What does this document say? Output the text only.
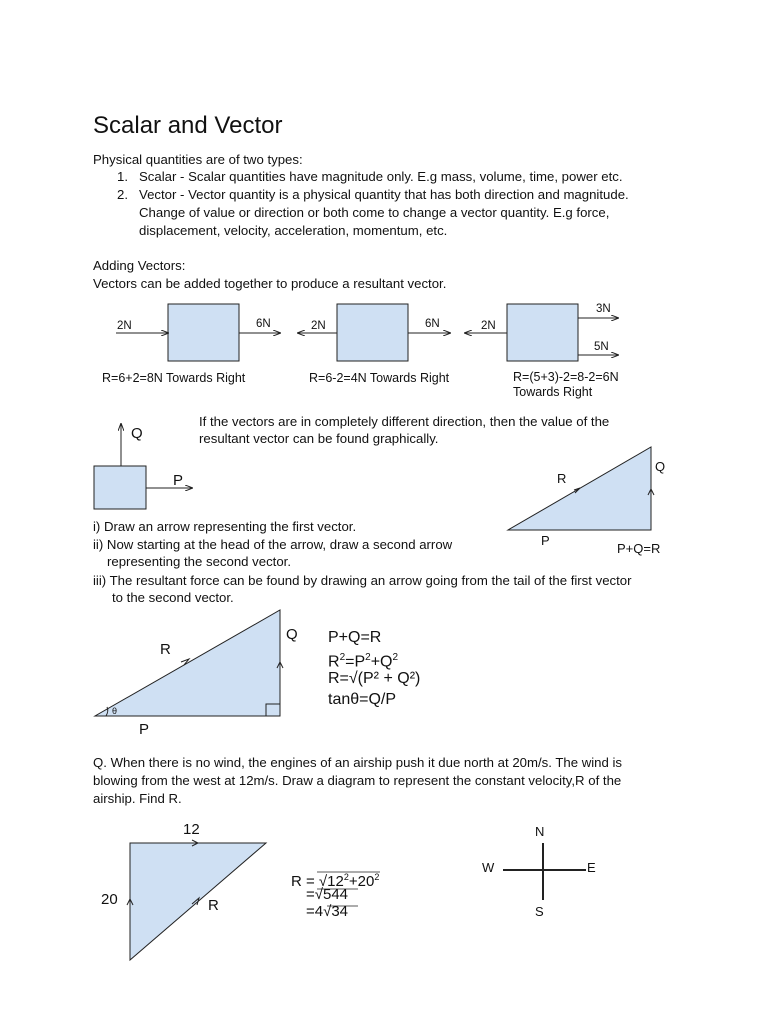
Scalar and Vector
Physical quantities are of two types:
1. Scalar - Scalar quantities have magnitude only. E.g mass, volume, time, power etc.
2. Vector - Vector quantity is a physical quantity that has both direction and magnitude.
Change of value or direction or both come to change a vector quantity. E.g force,
displacement, velocity, acceleration, momentum, etc.
Adding Vectors:
Vectors can be added together to produce a resultant vector.
2N	6N
R=6+2=8N Towards Right
2N	6N
R=6-2=4N Towards Right
2N
3N
5N
R=(5+3)-2=8-2=6N
Towards Right
If the vectors are in completely different direction, then the value of the
resultant vector can be found graphically.
Q
P	R
Q
P
P+Q=R
i) Draw an arrow representing the first vector.
ii) Now starting at the head of the arrow, draw a second arrow
representing the second vector.
iii) The resultant force can be found by drawing an arrow going from the tail of the first vector
to the second vector.
R
Q
P
θ
P+Q=R
$R^2=P^2+Q^2$
R=√(P² + Q²)
tanθ=Q/P
Q. When there is no wind, the engines of an airship push it due north at 20m/s. The wind is
blowing from the west at 12m/s. Draw a diagram to represent the constant velocity,R of the
airship. Find R.
12
20	R
$R = √12^2+20^2$
=√544
=4√34
N
S
E
W
